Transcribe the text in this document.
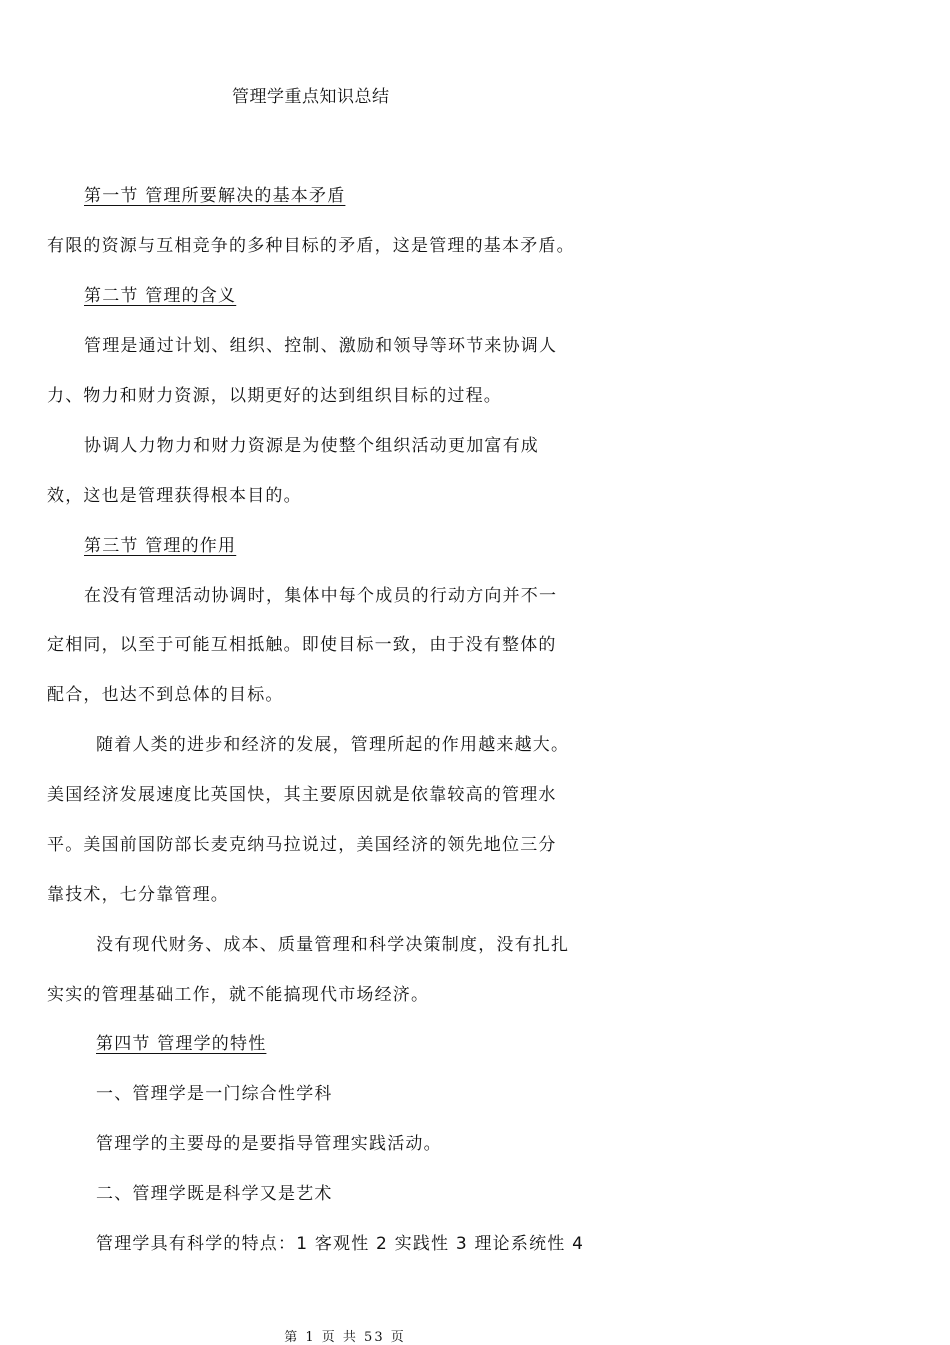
管理学重点知识总结
第一节 管理所要解决的基本矛盾
有限的资源与互相竞争的多种目标的矛盾，这是管理的基本矛盾。
第二节 管理的含义
管理是通过计划、组织、控制、激励和领导等环节来协调人
力、物力和财力资源，以期更好的达到组织目标的过程。
协调人力物力和财力资源是为使整个组织活动更加富有成
效，这也是管理获得根本目的。
第三节 管理的作用
在没有管理活动协调时，集体中每个成员的行动方向并不一
定相同，以至于可能互相抵触。即使目标一致，由于没有整体的
配合，也达不到总体的目标。
随着人类的进步和经济的发展，管理所起的作用越来越大。
美国经济发展速度比英国快，其主要原因就是依靠较高的管理水
平。美国前国防部长麦克纳马拉说过，美国经济的领先地位三分
靠技术，七分靠管理。
没有现代财务、成本、质量管理和科学决策制度，没有扎扎
实实的管理基础工作，就不能搞现代市场经济。
第四节 管理学的特性
一、管理学是一门综合性学科
管理学的主要母的是要指导管理实践活动。
二、管理学既是科学又是艺术
管理学具有科学的特点：1 客观性 2 实践性 3 理论系统性 4
第 1 页 共 53 页
